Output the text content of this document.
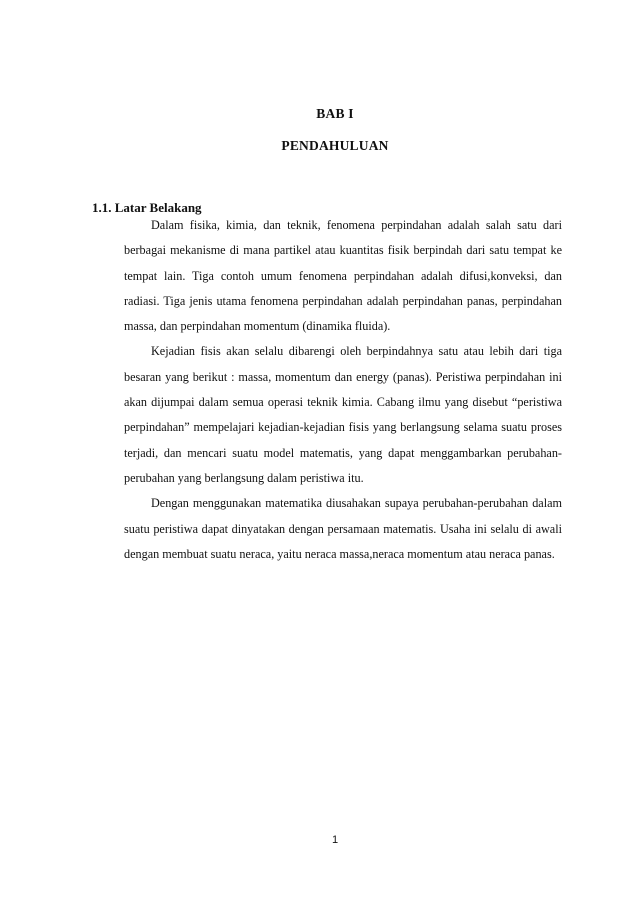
BAB I
PENDAHULUAN
1.1. Latar Belakang

Dalam fisika, kimia, dan teknik, fenomena perpindahan adalah salah satu dari berbagai mekanisme di mana partikel atau kuantitas fisik berpindah dari satu tempat ke tempat lain. Tiga contoh umum fenomena perpindahan adalah difusi,konveksi, dan radiasi. Tiga jenis utama fenomena perpindahan adalah perpindahan panas, perpindahan massa, dan perpindahan momentum (dinamika fluida).

Kejadian fisis akan selalu dibarengi oleh berpindahnya satu atau lebih dari tiga besaran yang berikut : massa, momentum dan energy (panas). Peristiwa perpindahan ini akan dijumpai dalam semua operasi teknik kimia. Cabang ilmu yang disebut “peristiwa perpindahan” mempelajari kejadian-kejadian fisis yang berlangsung selama suatu proses terjadi, dan mencari suatu model matematis, yang dapat menggambarkan perubahan-perubahan yang berlangsung dalam peristiwa itu.

Dengan menggunakan matematika diusahakan supaya perubahan-perubahan dalam suatu peristiwa dapat dinyatakan dengan persamaan matematis. Usaha ini selalu di awali dengan membuat suatu neraca, yaitu neraca massa,neraca momentum atau neraca panas.

1
